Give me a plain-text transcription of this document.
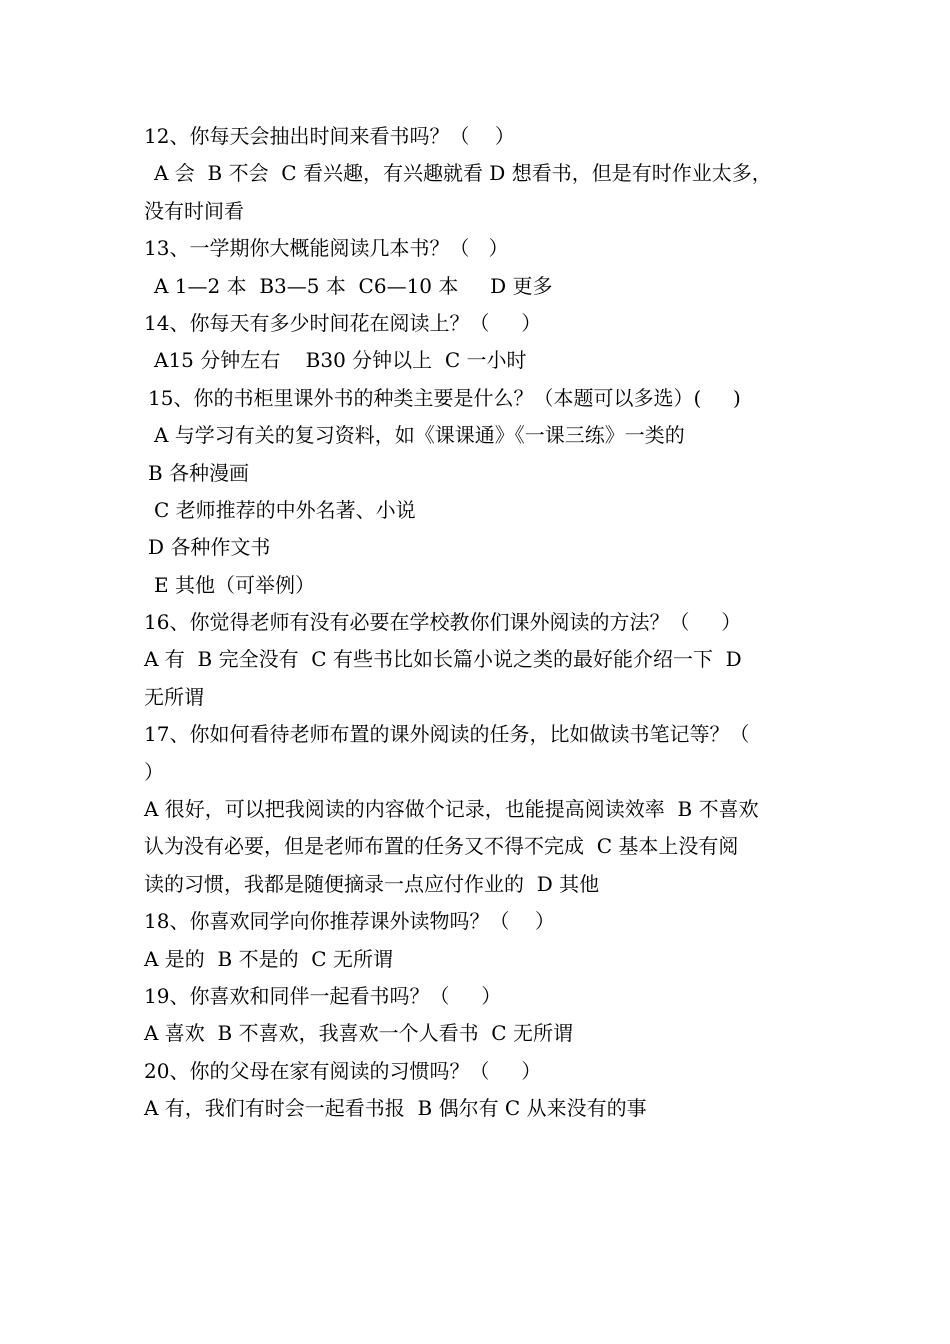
12、你每天会抽出时间来看书吗？（    ）
A 会  B 不会  C 看兴趣，有兴趣就看 D 想看书，但是有时作业太多，
没有时间看
13、一学期你大概能阅读几本书？（   ）
A 1—2 本  B3—5 本  C6—10 本     D 更多
14、你每天有多少时间花在阅读上？（     ）
A15 分钟左右    B30 分钟以上  C 一小时
15、你的书柜里课外书的种类主要是什么？（本题可以多选）(     )
A 与学习有关的复习资料，如《课课通》《一课三练》一类的
B 各种漫画
C 老师推荐的中外名著、小说
D 各种作文书
E 其他（可举例）
16、你觉得老师有没有必要在学校教你们课外阅读的方法？（     ）
A 有  B 完全没有  C 有些书比如长篇小说之类的最好能介绍一下  D
无所谓
17、你如何看待老师布置的课外阅读的任务，比如做读书笔记等？（
）
A 很好，可以把我阅读的内容做个记录，也能提高阅读效率  B 不喜欢
认为没有必要，但是老师布置的任务又不得不完成  C 基本上没有阅
读的习惯，我都是随便摘录一点应付作业的  D 其他
18、你喜欢同学向你推荐课外读物吗？（    ）
A 是的  B 不是的  C 无所谓
19、你喜欢和同伴一起看书吗？（     ）
A 喜欢  B 不喜欢，我喜欢一个人看书  C 无所谓
20、你的父母在家有阅读的习惯吗？（     ）
A 有，我们有时会一起看书报  B 偶尔有 C 从来没有的事
